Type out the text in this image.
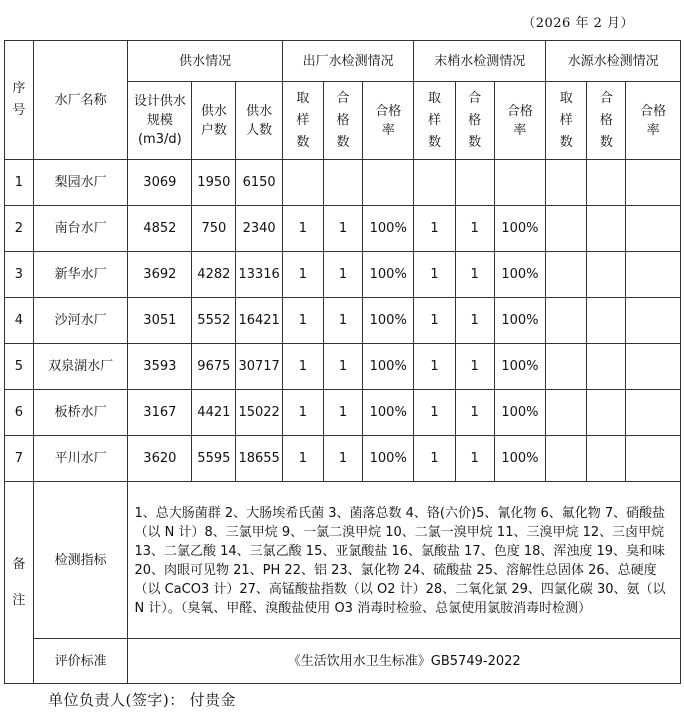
（2026 年 2 月）
序号	水厂名称	供水情况			出厂水检测情况			末梢水检测情况			水源水检测情况		

		设计供水规模(m3/d)	供水户数	供水人数	取样数	合格数	合格率	取样数	合格数	合格率	取样数	合格数	合格率

1	梨园水厂	3069	1950	6150									
2	南台水厂	4852	750	2340	1	1	100%	1	1	100%			
3	新华水厂	3692	4282	13316	1	1	100%	1	1	100%			
4	沙河水厂	3051	5552	16421	1	1	100%	1	1	100%			
5	双泉湖水厂	3593	9675	30717	1	1	100%	1	1	100%			
6	板桥水厂	3167	4421	15022	1	1	100%	1	1	100%			
7	平川水厂	3620	5595	18655	1	1	100%	1	1	100%			

备注	检测指标	1、总大肠菌群 2、大肠埃希氏菌 3、菌落总数 4、铬(六价)5、氰化物 6、氟化物 7、硝酸盐（以 N 计）8、三氯甲烷 9、一氯二溴甲烷 10、二氯一溴甲烷 11、三溴甲烷 12、三卤甲烷 13、二氯乙酸 14、三氯乙酸 15、亚氯酸盐 16、氯酸盐 17、色度 18、浑浊度 19、臭和味 20、肉眼可见物 21、PH 22、铝 23、氯化物 24、硫酸盐 25、溶解性总固体 26、总硬度（以 CaCO3 计）27、高锰酸盐指数（以 O2 计）28、二氧化氯 29、四氯化碳 30、氨（以 N 计）。（臭氧、甲醛、溴酸盐使用 O3 消毒时检验、总氯使用氯胺消毒时检测）											
	评价标准	《生活饮用水卫生标准》GB5749-2022											
单位负责人(签字)： 付贵金
